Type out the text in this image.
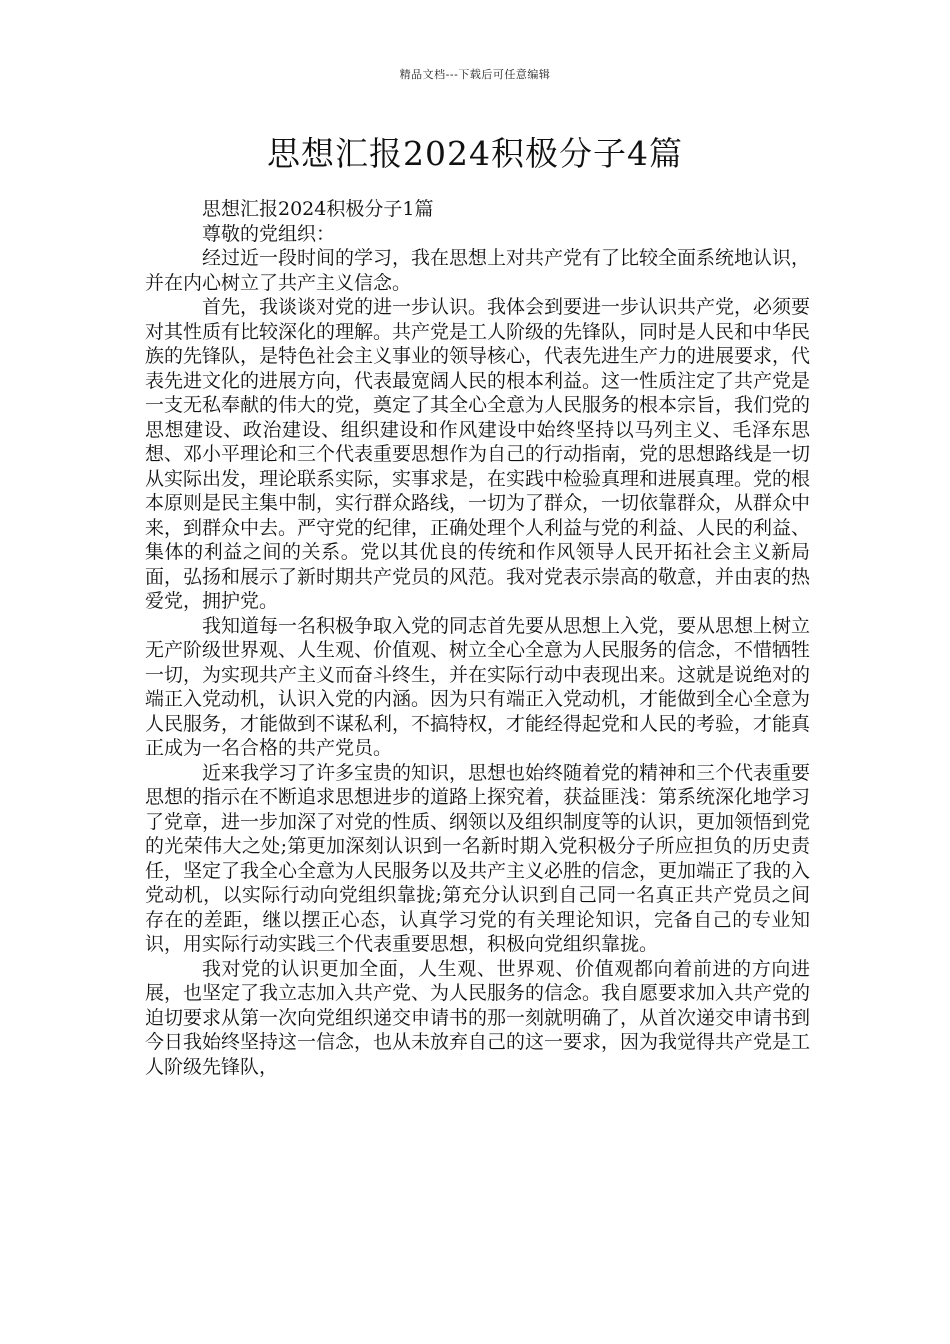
精品文档---下载后可任意编辑
思想汇报2024积极分子4篇

思想汇报2024积极分子1篇

尊敬的党组织：

经过近一段时间的学习，我在思想上对共产党有了比较全面系统地认识，并在内心树立了共产主义信念。

首先，我谈谈对党的进一步认识。我体会到要进一步认识共产党，必须要对其性质有比较深化的理解。共产党是工人阶级的先锋队，同时是人民和中华民族的先锋队，是特色社会主义事业的领导核心，代表先进生产力的进展要求，代表先进文化的进展方向，代表最宽阔人民的根本利益。这一性质注定了共产党是一支无私奉献的伟大的党，奠定了其全心全意为人民服务的根本宗旨，我们党的思想建设、政治建设、组织建设和作风建设中始终坚持以马列主义、毛泽东思想、邓小平理论和三个代表重要思想作为自己的行动指南，党的思想路线是一切从实际出发，理论联系实际，实事求是，在实践中检验真理和进展真理。党的根本原则是民主集中制，实行群众路线，一切为了群众，一切依靠群众，从群众中来，到群众中去。严守党的纪律，正确处理个人利益与党的利益、人民的利益、集体的利益之间的关系。党以其优良的传统和作风领导人民开拓社会主义新局面，弘扬和展示了新时期共产党员的风范。我对党表示崇高的敬意，并由衷的热爱党，拥护党。

我知道每一名积极争取入党的同志首先要从思想上入党，要从思想上树立无产阶级世界观、人生观、价值观、树立全心全意为人民服务的信念，不惜牺牲一切，为实现共产主义而奋斗终生，并在实际行动中表现出来。这就是说绝对的端正入党动机，认识入党的内涵。因为只有端正入党动机，才能做到全心全意为人民服务，才能做到不谋私利，不搞特权，才能经得起党和人民的考验，才能真正成为一名合格的共产党员。

近来我学习了许多宝贵的知识，思想也始终随着党的精神和三个代表重要思想的指示在不断追求思想进步的道路上探究着，获益匪浅：第系统深化地学习了党章，进一步加深了对党的性质、纲领以及组织制度等的认识，更加领悟到党的光荣伟大之处;第更加深刻认识到一名新时期入党积极分子所应担负的历史责任，坚定了我全心全意为人民服务以及共产主义必胜的信念，更加端正了我的入党动机，以实际行动向党组织靠拢;第充分认识到自己同一名真正共产党员之间存在的差距，继以摆正心态，认真学习党的有关理论知识，完备自己的专业知识，用实际行动实践三个代表重要思想，积极向党组织靠拢。

我对党的认识更加全面，人生观、世界观、价值观都向着前进的方向进展，也坚定了我立志加入共产党、为人民服务的信念。我自愿要求加入共产党的迫切要求从第一次向党组织递交申请书的那一刻就明确了，从首次递交申请书到今日我始终坚持这一信念，也从未放弃自己的这一要求，因为我觉得共产党是工人阶级先锋队，
